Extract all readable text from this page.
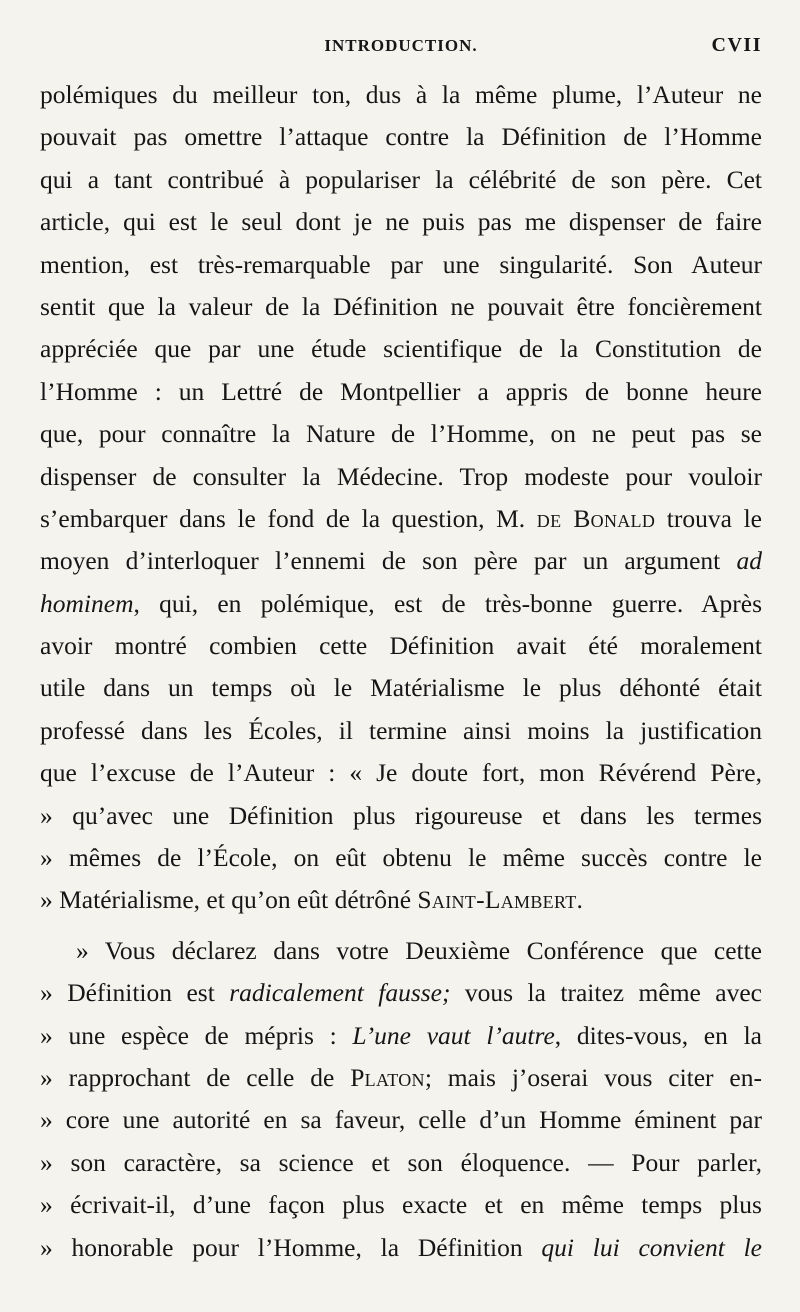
INTRODUCTION.	CVII
polémiques du meilleur ton, dus à la même plume, l’Auteur ne
pouvait pas omettre l’attaque contre la Définition de l’Homme
qui a tant contribué à populariser la célébrité de son père. Cet
article, qui est le seul dont je ne puis pas me dispenser de faire
mention, est très-remarquable par une singularité. Son Auteur
sentit que la valeur de la Définition ne pouvait être foncièrement
appréciée que par une étude scientifique de la Constitution de
l’Homme : un Lettré de Montpellier a appris de bonne heure
que, pour connaître la Nature de l’Homme, on ne peut pas se
dispenser de consulter la Médecine. Trop modeste pour vouloir
s’embarquer dans le fond de la question, M. de Bonald trouva le
moyen d’interloquer l’ennemi de son père par un argument ad
hominem, qui, en polémique, est de très-bonne guerre. Après
avoir montré combien cette Définition avait été moralement
utile dans un temps où le Matérialisme le plus déhonté était
professé dans les Écoles, il termine ainsi moins la justification
que l’excuse de l’Auteur : « Je doute fort, mon Révérend Père,
» qu’avec une Définition plus rigoureuse et dans les termes
» mêmes de l’École, on eût obtenu le même succès contre le
» Matérialisme, et qu’on eût détrôné Saint-Lambert.
» Vous déclarez dans votre Deuxième Conférence que cette
» Définition est radicalement fausse; vous la traitez même avec
» une espèce de mépris : L’une vaut l’autre, dites-vous, en la
» rapprochant de celle de Platon; mais j’oserai vous citer en-
» core une autorité en sa faveur, celle d’un Homme éminent par
» son caractère, sa science et son éloquence. — Pour parler,
» écrivait-il, d’une façon plus exacte et en même temps plus
» honorable pour l’Homme, la Définition qui lui convient le
